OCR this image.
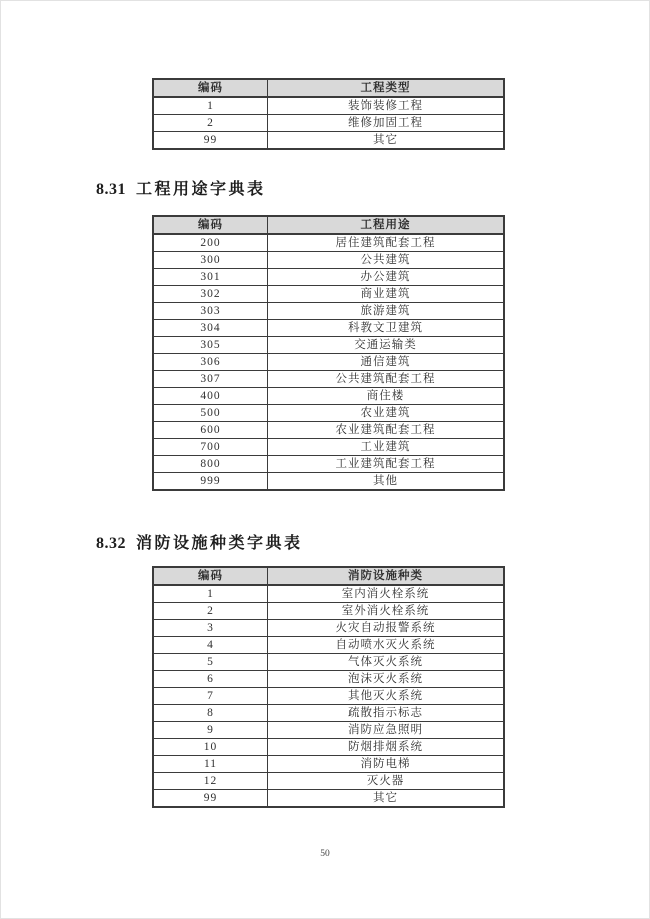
编码	工程类型
1	装饰装修工程
2	维修加固工程
99	其它
8.31 工程用途字典表
编码	工程用途
200	居住建筑配套工程
300	公共建筑
301	办公建筑
302	商业建筑
303	旅游建筑
304	科教文卫建筑
305	交通运输类
306	通信建筑
307	公共建筑配套工程
400	商住楼
500	农业建筑
600	农业建筑配套工程
700	工业建筑
800	工业建筑配套工程
999	其他
8.32 消防设施种类字典表
编码	消防设施种类
1	室内消火栓系统
2	室外消火栓系统
3	火灾自动报警系统
4	自动喷水灭火系统
5	气体灭火系统
6	泡沫灭火系统
7	其他灭火系统
8	疏散指示标志
9	消防应急照明
10	防烟排烟系统
11	消防电梯
12	灭火器
99	其它
50
